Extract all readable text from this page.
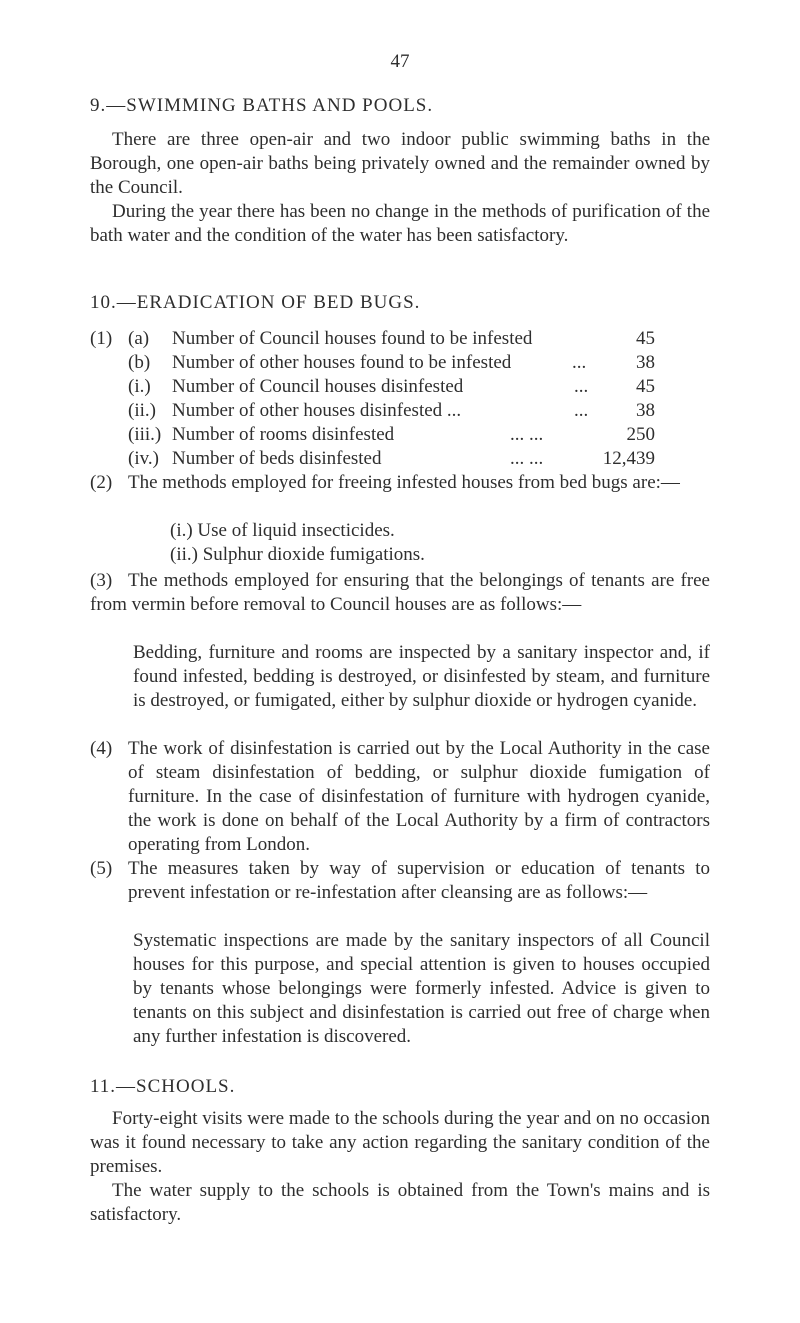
47
9.—SWIMMING BATHS AND POOLS.
There are three open-air and two indoor public swimming baths in the Borough, one open-air baths being privately owned and the remainder owned by the Council.
During the year there has been no change in the methods of purification of the bath water and the condition of the water has been satisfactory.
10.—ERADICATION OF BED BUGS.
(1) (a) Number of Council houses found to be infested	45
(b) Number of other houses found to be infested	...	38
(i.) Number of Council houses disinfested	...	45
(ii.) Number of other houses disinfested ...	...	38
(iii.) Number of rooms disinfested	... ...	250
(iv.) Number of beds disinfested	... ...	12,439
(2) The methods employed for freeing infested houses from bed bugs are:—
(i.) Use of liquid insecticides.
(ii.) Sulphur dioxide fumigations.
(3) The methods employed for ensuring that the belongings of tenants are free from vermin before removal to Council houses are as follows:—
Bedding, furniture and rooms are inspected by a sanitary inspector and, if found infested, bedding is destroyed, or disinfested by steam, and furniture is destroyed, or fumigated, either by sulphur dioxide or hydrogen cyanide.
(4) The work of disinfestation is carried out by the Local Authority in the case of steam disinfestation of bedding, or sulphur dioxide fumigation of furniture. In the case of disinfestation of furniture with hydrogen cyanide, the work is done on behalf of the Local Authority by a firm of contractors operating from London.
(5) The measures taken by way of supervision or education of tenants to prevent infestation or re-infestation after cleansing are as follows:—
Systematic inspections are made by the sanitary inspectors of all Council houses for this purpose, and special attention is given to houses occupied by tenants whose belongings were formerly infested. Advice is given to tenants on this subject and disinfestation is carried out free of charge when any further infestation is discovered.
11.—SCHOOLS.
Forty-eight visits were made to the schools during the year and on no occasion was it found necessary to take any action regarding the sanitary condition of the premises.
The water supply to the schools is obtained from the Town's mains and is satisfactory.
